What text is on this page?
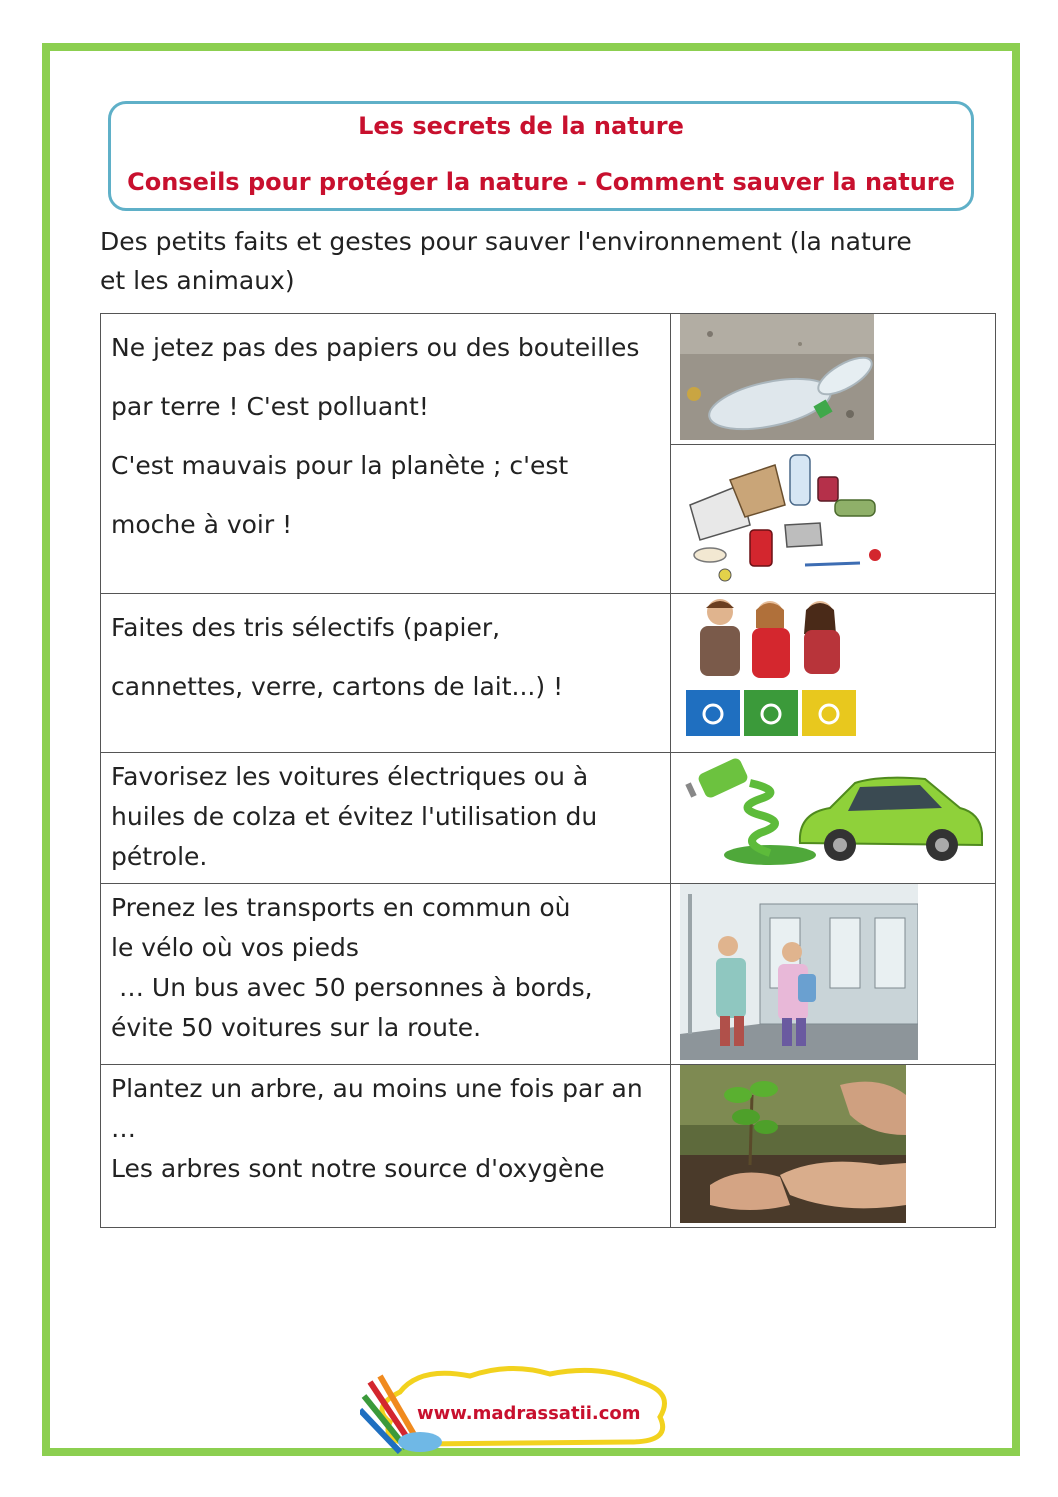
Les secrets de la nature
Conseils pour protéger la nature - Comment sauver la nature
Des petits faits et gestes pour sauver l'environnement (la nature et les animaux)

Ne jetez pas des papiers ou des bouteilles

par terre ! C'est polluant!

C'est mauvais pour la planète ; c'est

moche à voir !

Faites des tris sélectifs (papier,

cannettes, verre, cartons de lait...) !

Favorisez les voitures électriques ou à

huiles de colza et évitez l'utilisation du

pétrole.

Prenez les transports en commun où

le vélo où vos pieds

… Un bus avec 50 personnes à bords,

évite 50 voitures sur la route.

Plantez un arbre, au moins une fois par an

…

Les arbres sont notre source d'oxygène

www.madrassatii.com
